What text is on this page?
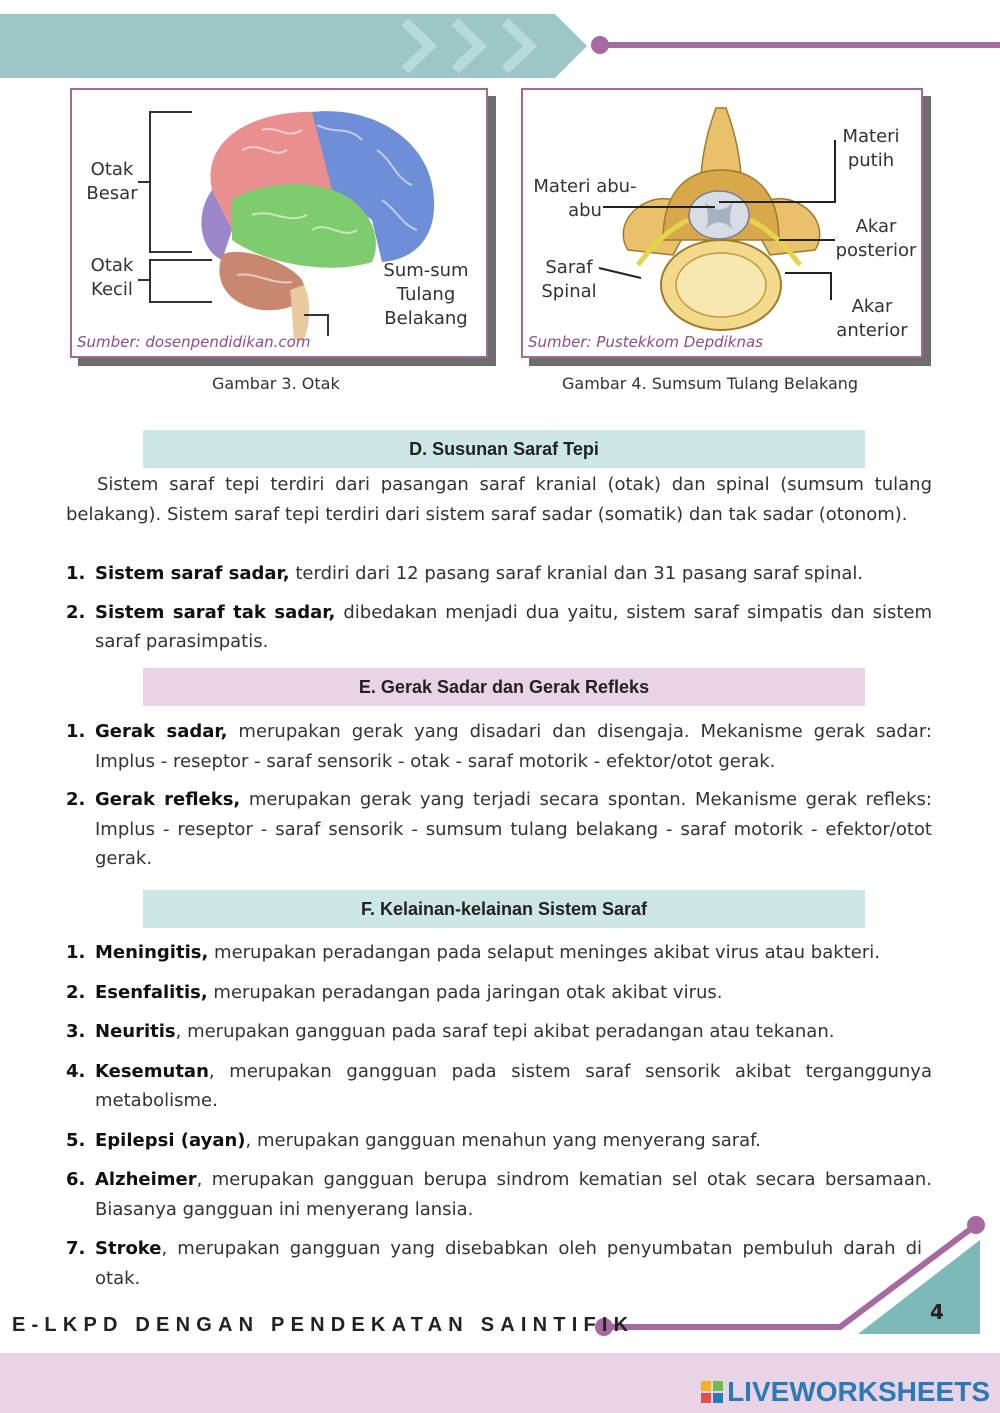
Otak
Besar
Otak
Kecil
Sum-sum
Tulang
Belakang
Sumber: dosenpendidikan.com
Gambar 3. Otak
Materi
putih
Materi abu-
abu
Akar
posterior
Saraf
Spinal
Akar
anterior
Sumber: Pustekkom Depdiknas
Gambar 4. Sumsum Tulang Belakang
D. Susunan Saraf Tepi

Sistem saraf tepi terdiri dari pasangan saraf kranial (otak) dan spinal (sumsum tulang belakang). Sistem saraf tepi terdiri dari sistem saraf sadar (somatik) dan tak sadar (otonom).

1. Sistem saraf sadar, terdiri dari 12 pasang saraf kranial dan 31 pasang saraf spinal.
2. Sistem saraf tak sadar, dibedakan menjadi dua yaitu, sistem saraf simpatis dan sistem saraf parasimpatis.
E. Gerak Sadar dan Gerak Refleks
1. Gerak sadar, merupakan gerak yang disadari dan disengaja. Mekanisme gerak sadar: Implus - reseptor - saraf sensorik - otak - saraf motorik - efektor/otot gerak.
2. Gerak refleks, merupakan gerak yang terjadi secara spontan. Mekanisme gerak refleks: Implus - reseptor - saraf sensorik - sumsum tulang belakang - saraf motorik - efektor/otot gerak.
F. Kelainan-kelainan Sistem Saraf
1. Meningitis, merupakan peradangan pada selaput meninges akibat virus atau bakteri.
2. Esenfalitis, merupakan peradangan pada jaringan otak akibat virus.
3. Neuritis, merupakan gangguan pada saraf tepi akibat peradangan atau tekanan.
4. Kesemutan, merupakan gangguan pada sistem saraf sensorik akibat terganggunya metabolisme.
5. Epilepsi (ayan), merupakan gangguan menahun yang menyerang saraf.
6. Alzheimer, merupakan gangguan berupa sindrom kematian sel otak secara bersamaan. Biasanya gangguan ini menyerang lansia.
7. Stroke, merupakan gangguan yang disebabkan oleh penyumbatan pembuluh darah di otak.
E-LKPD DENGAN PENDEKATAN SAINTIFIK
4
LIVEWORKSHEETS
